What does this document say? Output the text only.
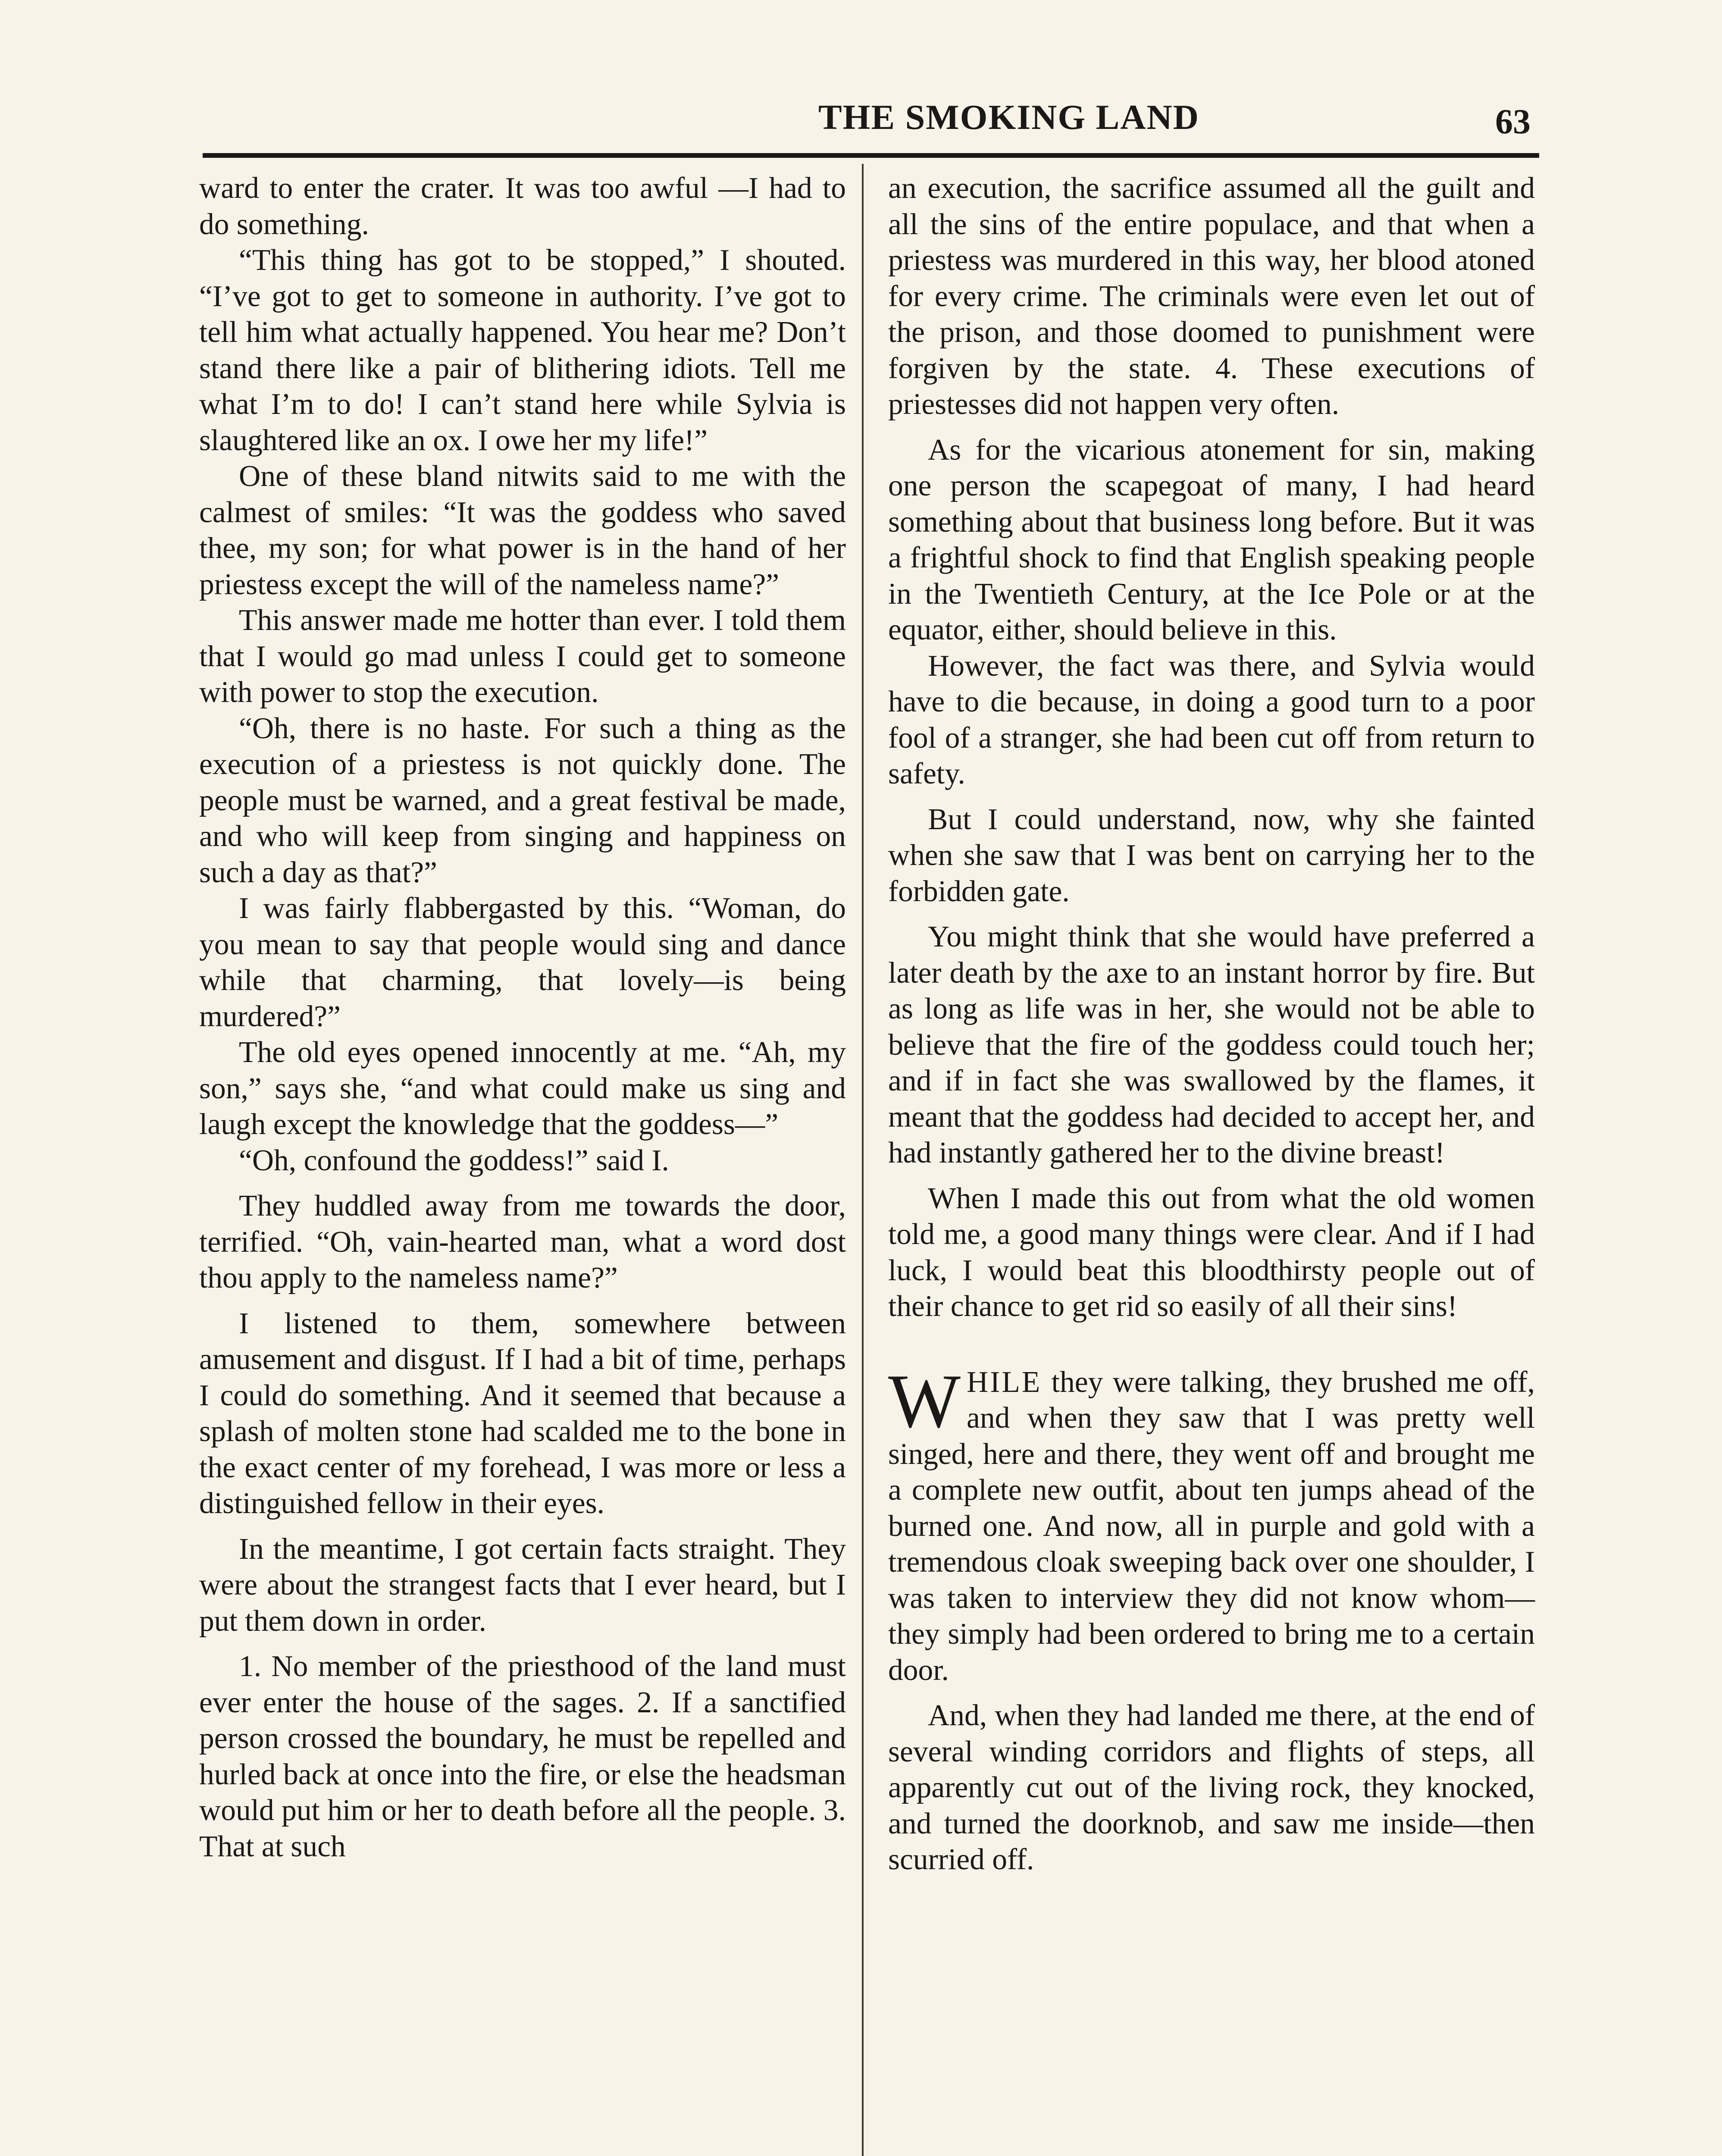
THE SMOKING LAND	63

ward to enter the crater. It was too awful —I had to do something.

“This thing has got to be stopped,” I shouted. “I’ve got to get to someone in authority. I’ve got to tell him what actually happened. You hear me? Don’t stand there like a pair of blithering idiots. Tell me what I’m to do! I can’t stand here while Sylvia is slaughtered like an ox. I owe her my life!”

One of these bland nitwits said to me with the calmest of smiles: “It was the goddess who saved thee, my son; for what power is in the hand of her priestess except the will of the nameless name?”

This answer made me hotter than ever. I told them that I would go mad unless I could get to someone with power to stop the execution.

“Oh, there is no haste. For such a thing as the execution of a priestess is not quickly done. The people must be warned, and a great festival be made, and who will keep from singing and happiness on such a day as that?”

I was fairly flabbergasted by this. “Woman, do you mean to say that people would sing and dance while that charming, that lovely—is being murdered?”

The old eyes opened innocently at me. “Ah, my son,” says she, “and what could make us sing and laugh except the knowledge that the goddess—”

“Oh, confound the goddess!” said I.

They huddled away from me towards the door, terrified. “Oh, vain-hearted man, what a word dost thou apply to the nameless name?”

I listened to them, somewhere between amusement and disgust. If I had a bit of time, perhaps I could do something. And it seemed that because a splash of molten stone had scalded me to the bone in the exact center of my forehead, I was more or less a distinguished fellow in their eyes.

In the meantime, I got certain facts straight. They were about the strangest facts that I ever heard, but I put them down in order.

1. No member of the priesthood of the land must ever enter the house of the sages. 2. If a sanctified person crossed the boundary, he must be repelled and hurled back at once into the fire, or else the headsman would put him or her to death before all the people. 3. That at such

an execution, the sacrifice assumed all the guilt and all the sins of the entire populace, and that when a priestess was murdered in this way, her blood atoned for every crime. The criminals were even let out of the prison, and those doomed to punishment were forgiven by the state. 4. These executions of priestesses did not happen very often.

As for the vicarious atonement for sin, making one person the scapegoat of many, I had heard something about that business long before. But it was a frightful shock to find that English speaking people in the Twentieth Century, at the Ice Pole or at the equator, either, should believe in this.

However, the fact was there, and Sylvia would have to die because, in doing a good turn to a poor fool of a stranger, she had been cut off from return to safety.

But I could understand, now, why she fainted when she saw that I was bent on carrying her to the forbidden gate.

You might think that she would have preferred a later death by the axe to an instant horror by fire. But as long as life was in her, she would not be able to believe that the fire of the goddess could touch her; and if in fact she was swallowed by the flames, it meant that the goddess had decided to accept her, and had instantly gathered her to the divine breast!

When I made this out from what the old women told me, a good many things were clear. And if I had luck, I would beat this bloodthirsty people out of their chance to get rid so easily of all their sins!

WHILE they were talking, they brushed me off, and when they saw that I was pretty well singed, here and there, they went off and brought me a complete new outfit, about ten jumps ahead of the burned one. And now, all in purple and gold with a tremendous cloak sweeping back over one shoulder, I was taken to interview they did not know whom—they simply had been ordered to bring me to a certain door.

And, when they had landed me there, at the end of several winding corridors and flights of steps, all apparently cut out of the living rock, they knocked, and turned the doorknob, and saw me inside—then scurried off.
